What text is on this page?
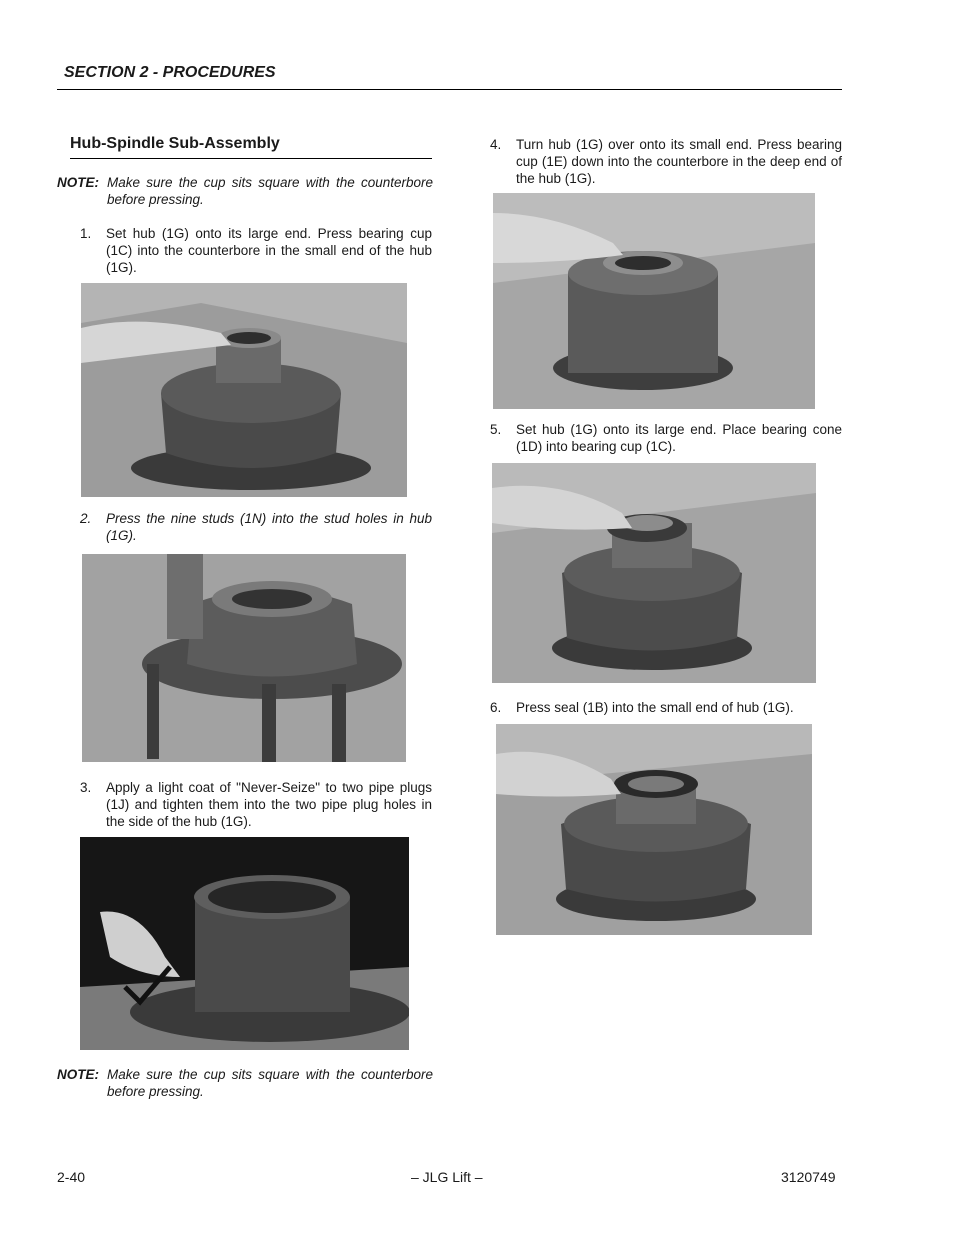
SECTION 2 - PROCEDURES
Hub-Spindle Sub-Assembly
NOTE: Make sure the cup sits square with the counterbore before pressing.
1.	Set hub (1G) onto its large end. Press bearing cup (1C) into the counterbore in the small end of the hub (1G).
2.	Press the nine studs (1N) into the stud holes in hub (1G).
3.	Apply a light coat of "Never-Seize" to two pipe plugs (1J) and tighten them into the two pipe plug holes in the side of the hub (1G).
NOTE: Make sure the cup sits square with the counterbore before pressing.
4.	Turn hub (1G) over onto its small end. Press bearing cup (1E) down into the counterbore in the deep end of the hub (1G).
5.	Set hub (1G) onto its large end. Place bearing cone (1D) into bearing cup (1C).
6.	Press seal (1B) into the small end of hub (1G).
2-40	– JLG Lift –	3120749
